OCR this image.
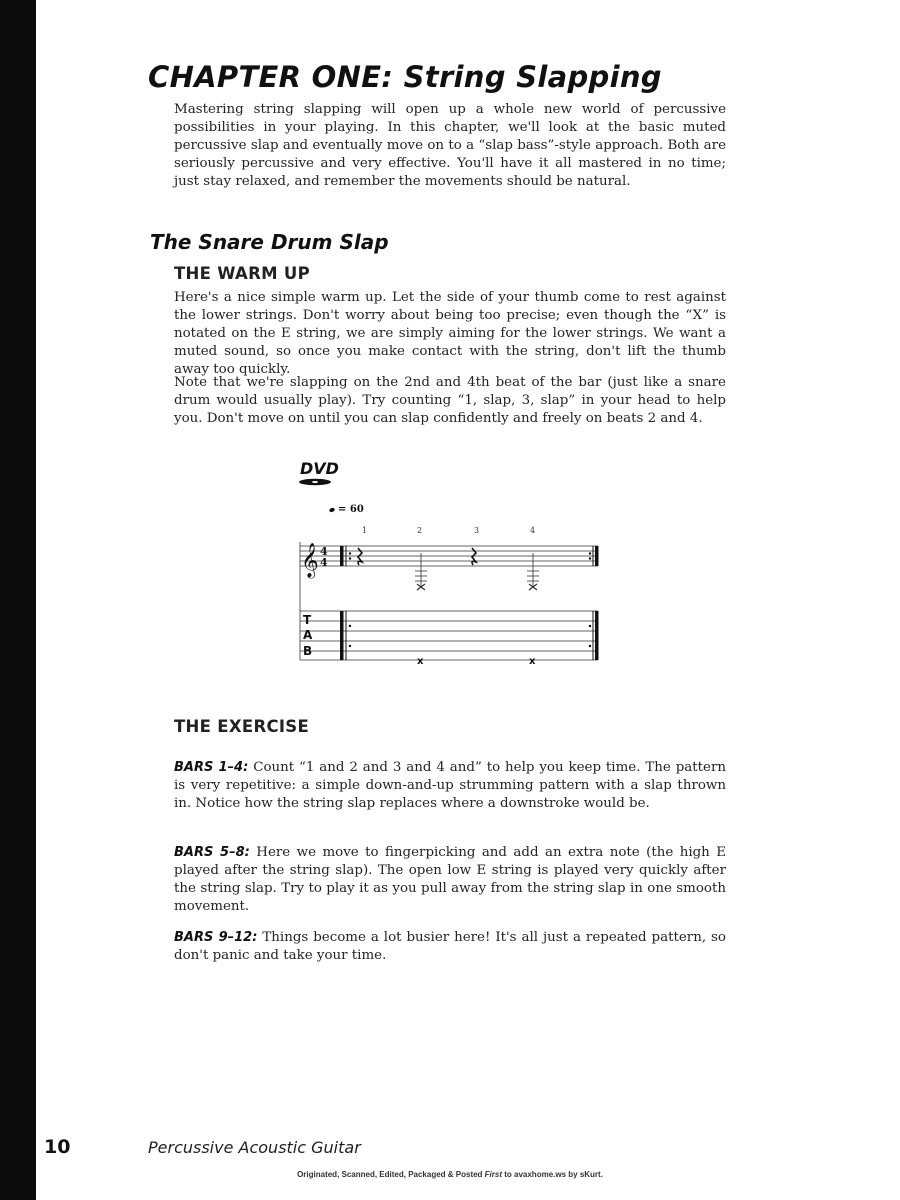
CHAPTER ONE: String Slapping

Mastering string slapping will open up a whole new world of percussive possibilities in your playing. In this chapter, we'll look at the basic muted percussive slap and eventually move on to a “slap bass”-style approach. Both are seriously percussive and very effective. You'll have it all mastered in no time; just stay relaxed, and remember the movements should be natural.

The Snare Drum Slap
THE WARM UP

Here's a nice simple warm up. Let the side of your thumb come to rest against the lower strings. Don't worry about being too precise; even though the “X” is notated on the E string, we are simply aiming for the lower strings. We want a muted sound, so once you make contact with the string, don't lift the thumb away too quickly.

Note that we're slapping on the 2nd and 4th beat of the bar (just like a snare drum would usually play). Try counting “1, slap, 3, slap” in your head to help you. Don't move on until you can slap confidently and freely on beats 2 and 4.

DVD
= 60
1	2	3	4
𝄞 4
4
T
A
B
x	x
THE EXERCISE

BARS 1–4: Count “1 and 2 and 3 and 4 and” to help you keep time. The pattern is very repetitive: a simple down-and-up strumming pattern with a slap thrown in. Notice how the string slap replaces where a downstroke would be.

BARS 5–8: Here we move to fingerpicking and add an extra note (the high E played after the string slap). The open low E string is played very quickly after the string slap. Try to play it as you pull away from the string slap in one smooth movement.

BARS 9–12: Things become a lot busier here! It's all just a repeated pattern, so don't panic and take your time.

10	Percussive Acoustic Guitar

Originated, Scanned, Edited, Packaged & Posted First to avaxhome.ws by sKurt.
